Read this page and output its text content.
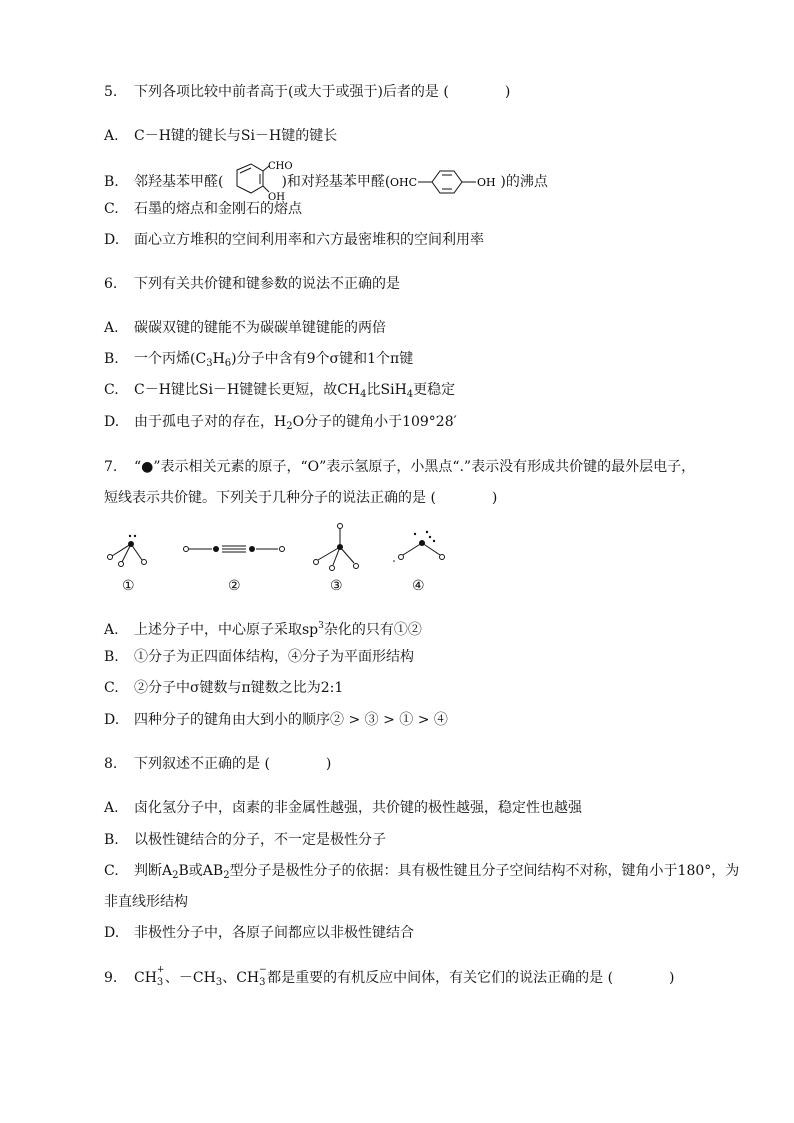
5. 下列各项比较中前者高于(或大于或强于)后者的是 (　　　　)
A. C－H键的键长与Si－H键的键长
B. 邻羟基苯甲醛(
CHO
OH
)和对羟基苯甲醛( OHC	OH )的沸点
C. 石墨的熔点和金刚石的熔点
D. 面心立方堆积的空间利用率和六方最密堆积的空间利用率
6. 下列有关共价键和键参数的说法不正确的是
A. 碳碳双键的键能不为碳碳单键键能的两倍
B. 一个丙烯$(C_3H_6)$分子中含有9个σ键和1个π键
C. C－H键比Si－H键键长更短，故$CH_4$比SiH$_4$更稳定
D. 由于孤电子对的存在，$H_2O$分子的键角小于109°28′
7. “●”表示相关元素的原子，“O”表示氢原子，小黑点“.”表示没有形成共价键的最外层电子，
短线表示共价键。下列关于几种分子的说法正确的是 (　　　　)
①	②	③	④
A. 上述分子中，中心原子采取$sp^3$杂化的只有①②
B. ①分子为正四面体结构，④分子为平面形结构
C. ②分子中σ键数与π键数之比为2:1
D. 四种分子的键角由大到小的顺序② > ③ > ① > ④
8. 下列叙述不正确的是 (　　　　)
A. 卤化氢分子中，卤素的非金属性越强，共价键的极性越强，稳定性也越强
B. 以极性键结合的分子，不一定是极性分子
C. 判断$A_2B$或$AB_2$型分子是极性分子的依据：具有极性键且分子空间结构不对称，键角小于180°，为
非直线形结构
D. 非极性分子中，各原子间都应以非极性键结合
9. CH +
3 、$-CH_3$、CH −
3 都是重要的有机反应中间体，有关它们的说法正确的是 (　　　　)
